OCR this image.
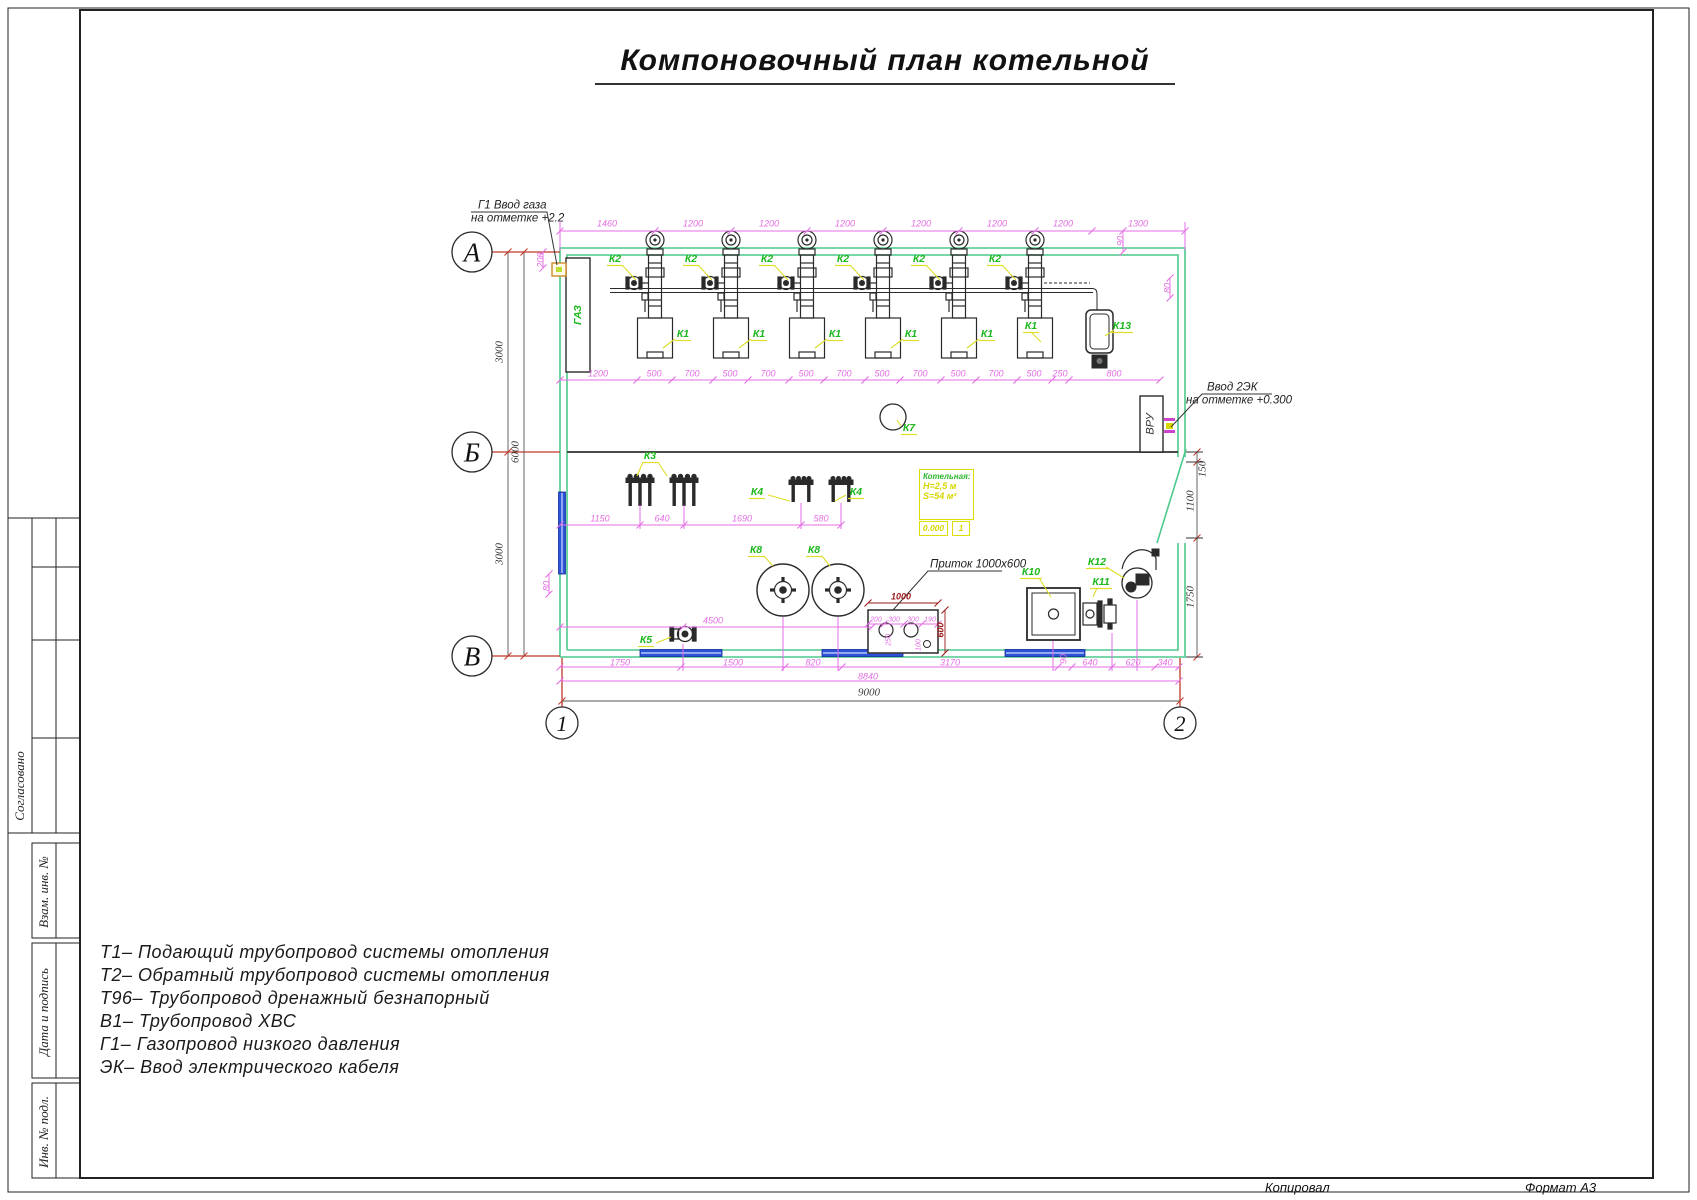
Компоновочный план котельной
Котельная:
Н=2,5 м
S=54 м²
0.000	1
Т1– Подающий трубопровод системы отопления
Т2– Обратный трубопровод системы отопления
Т96– Трубопровод дренажный безнапорный
В1– Трубопровод ХВС
Г1– Газопровод низкого давления
ЭК– Ввод электрического кабеля
Согласовано
Взам. инв. №
Дата и подпись
Инв. № подл.
Копировал	Формат А3
К2	К2	К2	К2	К2	К2
К1	К1	К1	К1	К1
К1
К3
К4	К4
К5
К7
К8	К8
К10
К11
К12
К13
ГАЗ
1460	1200	1200	1200	1200	1200	1200	1300
1200	500	700	500	700	500	700	500	700	500	700	500 250	800
1150	640	1690	580
4500
1750	1500	820	3170	90 640	620 340
8840
200
90
80
80
200 300 300 190
250	100
1000
600
3000
6000
3000
9000
150
1100
1750
Г1 Ввод газа
на отметке +2.2
Ввод 2ЭК
на отметке +0.300
Приток 1000x600
ВРУ
А
Б
В
1	2
